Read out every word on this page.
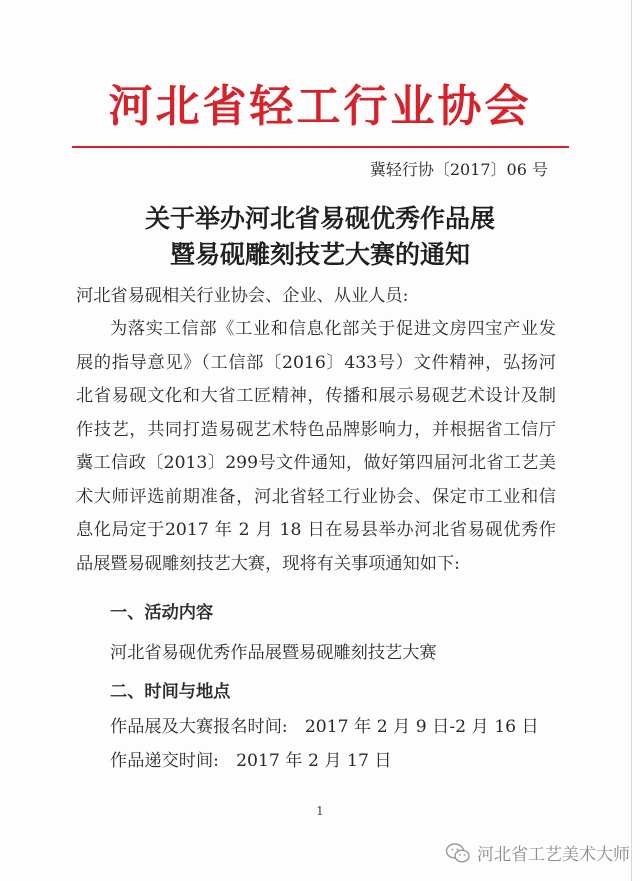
河北省轻工行业协会
冀轻行协〔2017〕06 号
关于举办河北省易砚优秀作品展
暨易砚雕刻技艺大赛的通知
河北省易砚相关行业协会、企业、从业人员:
为落实工信部《工业和信息化部关于促进文房四宝产业发展的指导意见》（工信部〔2016〕433号）文件精神，弘扬河北省易砚文化和大省工匠精神，传播和展示易砚艺术设计及制作技艺，共同打造易砚艺术特色品牌影响力，并根据省工信厅冀工信政〔2013〕299号文件通知，做好第四届河北省工艺美术大师评选前期准备，河北省轻工行业协会、保定市工业和信息化局定于2017 年 2 月 18 日在易县举办河北省易砚优秀作品展暨易砚雕刻技艺大赛，现将有关事项通知如下:
一、活动内容
河北省易砚优秀作品展暨易砚雕刻技艺大赛
二、时间与地点
作品展及大赛报名时间:　2017 年 2 月 9 日-2 月 16 日
作品递交时间:　2017 年 2 月 17 日
1
河北省工艺美术大师
